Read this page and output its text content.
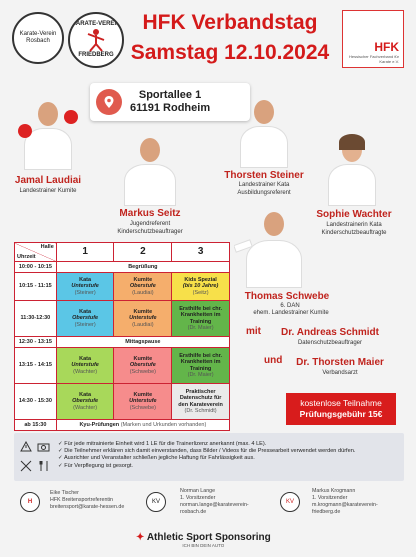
Karate-Verein Rosbach
KARATE-VEREIN
FRIEDBERG
HFK Verbandstag
Samstag 12.10.2024	HFK
Hessischer Fachverband für Karate e.V.
Sportallee 1
61191 Rodheim
Jamal Laudiai
Landestrainer Kumite
Markus Seitz
Jugendreferent Kinderschutzbeauftrager
Thorsten Steiner
Landestrainer Kata Ausbildungsreferent
Sophie Wachter
Landestrainerin Kata Kinderschutzbeauftragte
Thomas Schwebe
6. DAN
ehem. Landestrainer Kumite
mit	Dr. Andreas Schmidt
Datenschutzbeauftrager
und	Dr. Thorsten Maier
Verbandsarzt
kostenlose Teilnahme
Prüfungsgebühr 15€
Halle
Uhrzeit	1	2	3
10:00 - 10:15	Begrüßung		
10:15 - 11:15	Kata
Unterstufe
(Steiner)	Kumite
Oberstufe
(Laudiai)	Kids Spezial
(bis 10 Jahre)
(Seitz)
11:30-12:30	Kata
Oberstufe
(Steiner)	Kumite
Unterstufe
(Laudiai)	Ersthilfe bei chr.
Krankheiten im
Training
(Dr. Maier)
12:30 - 13:15	Mittagspause		
13:15 - 14:15	Kata
Unterstufe
(Wachter)	Kumite
Oberstufe
(Schwebe)	Ersthilfe bei chr.
Krankheiten im
Training
(Dr. Maier)
14:30 - 15:30	Kata
Oberstufe
(Wachter)	Kumite
Unterstufe
(Schwebe)	Praktischer
Datenschutz für
den Karateverein
(Dr. Schmidt)
ab 15:30	Kyu-Prüfungen (Marken und Urkunden vorhanden)		
✓ Für jede mitrainierte Einheit wird 1 LE für die Trainerlizenz anerkannt (max. 4 LE).
✓ Die Teilnehmer erklären sich damit einverstanden, dass Bilder / Videos für die Pressearbeit verwendet werden dürfen.
✓ Ausrichter und Veranstalter schließen jegliche Haftung für Fahrlässigkeit aus.
✓ Für Verpflegung ist gesorgt.
H
Eike Tischer
HFK Breitensportreferentin
breitensport@karate-hessen.de
KV
Norman Lange
1. Vorsitzender
norman.lange@karateverein-
rosbach.de
KV
Markus Krogmann
1. Vorsitzender
m.krogmann@karateverein-
friedberg.de
✦ Athletic Sport Sponsoring
ICH BIN DEIN AUTO
